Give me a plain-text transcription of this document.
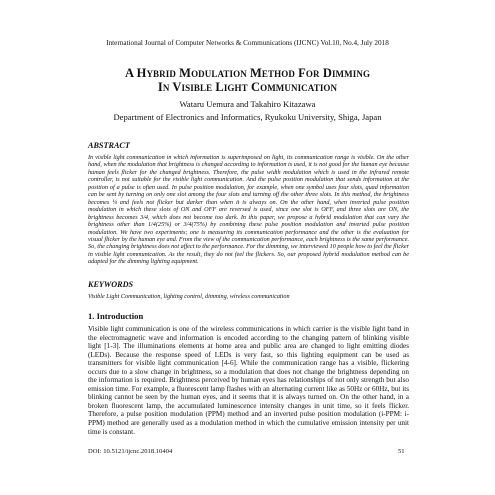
International Journal of Computer Networks & Communications (IJCNC) Vol.10, No.4, July 2018
A Hybrid Modulation Method For Dimming
In Visible Light Communication
Wataru Uemura and Takahiro Kitazawa
Department of Electronics and Informatics, Ryukoku University, Shiga, Japan
ABSTRACT
In visible light communication in which information is superimposed on light, its communication range is visible. On the other hand, when the modulation that brightness is changed according to information is used, it is not good for the human eye because human feels flicker for the changed brightness. Therefore, the pulse width modulation which is used in the infrared remote controller, is not suitable for the visible light communication. And the pulse position modulation that sends information at the position of a pulse is often used. In pulse position modulation, for example, when one symbol uses four slots, quad information can be sent by turning on only one slot among the four slots and turning off the other three slots. In this method, the brightness becomes ¼ and feels not flicker but darker than when it is always on. On the other hand, when inverted pulse position modulation in which these slots of ON and OFF are reversed is used, since one slot is OFF, and three slots are ON, the brightness becomes 3/4, which does not become too dark. In this paper, we propose a hybrid modulation that can vary the brightness other than 1/4(25%) or 3/4(75%) by combining these pulse position modulation and inverted pulse position modulation. We have two experiments; one is measuring its communication performance and the other is the evaluation for visual flicker by the human eye and. From the view of the communication performance, each brightness is the same performance. So, the changing brightness does not affect to the performance. For the dimming, we interviewed 10 people how to feel the flicker in visible light communication. As the result, they do not feel the flickers. So, our proposed hybrid modulation method can be adapted for the dimming lighting equipment.
KEYWORDS
Visible Light Communication, lighting control, dimming, wireless communication
1. Introduction
Visible light communication is one of the wireless communications in which carrier is the visible light band in the electromagnetic wave and information is encoded according to the changing pattern of blinking visible light [1-3]. The illuminations elements at home area and public area are changed to light emitting diodes (LEDs). Because the response speed of LEDs is very fast, so this lighting equipment can be used as transmitters for visible light communication [4-6]. While the communication range has a visible, flickering occurs due to a slow change in brightness, so a modulation that does not change the brightness depending on the information is required. Brightness perceived by human eyes has relationships of not only strength but also emission time. For example, a fluorescent lamp flashes with an alternating current like as 50Hz or 60Hz, but its blinking cannot be seen by the human eyes, and it seems that it is always turned on. On the other hand, in a broken fluorescent lamp, the accumulated luminescence intensity changes in unit time, so it feels flicker. Therefore, a pulse position modulation (PPM) method and an inverted pulse position modulation (i-PPM: i-PPM) method are generally used as a modulation method in which the cumulative emission intensity per unit time is constant.
DOI: 10.5121/ijcnc.2018.10404	51
